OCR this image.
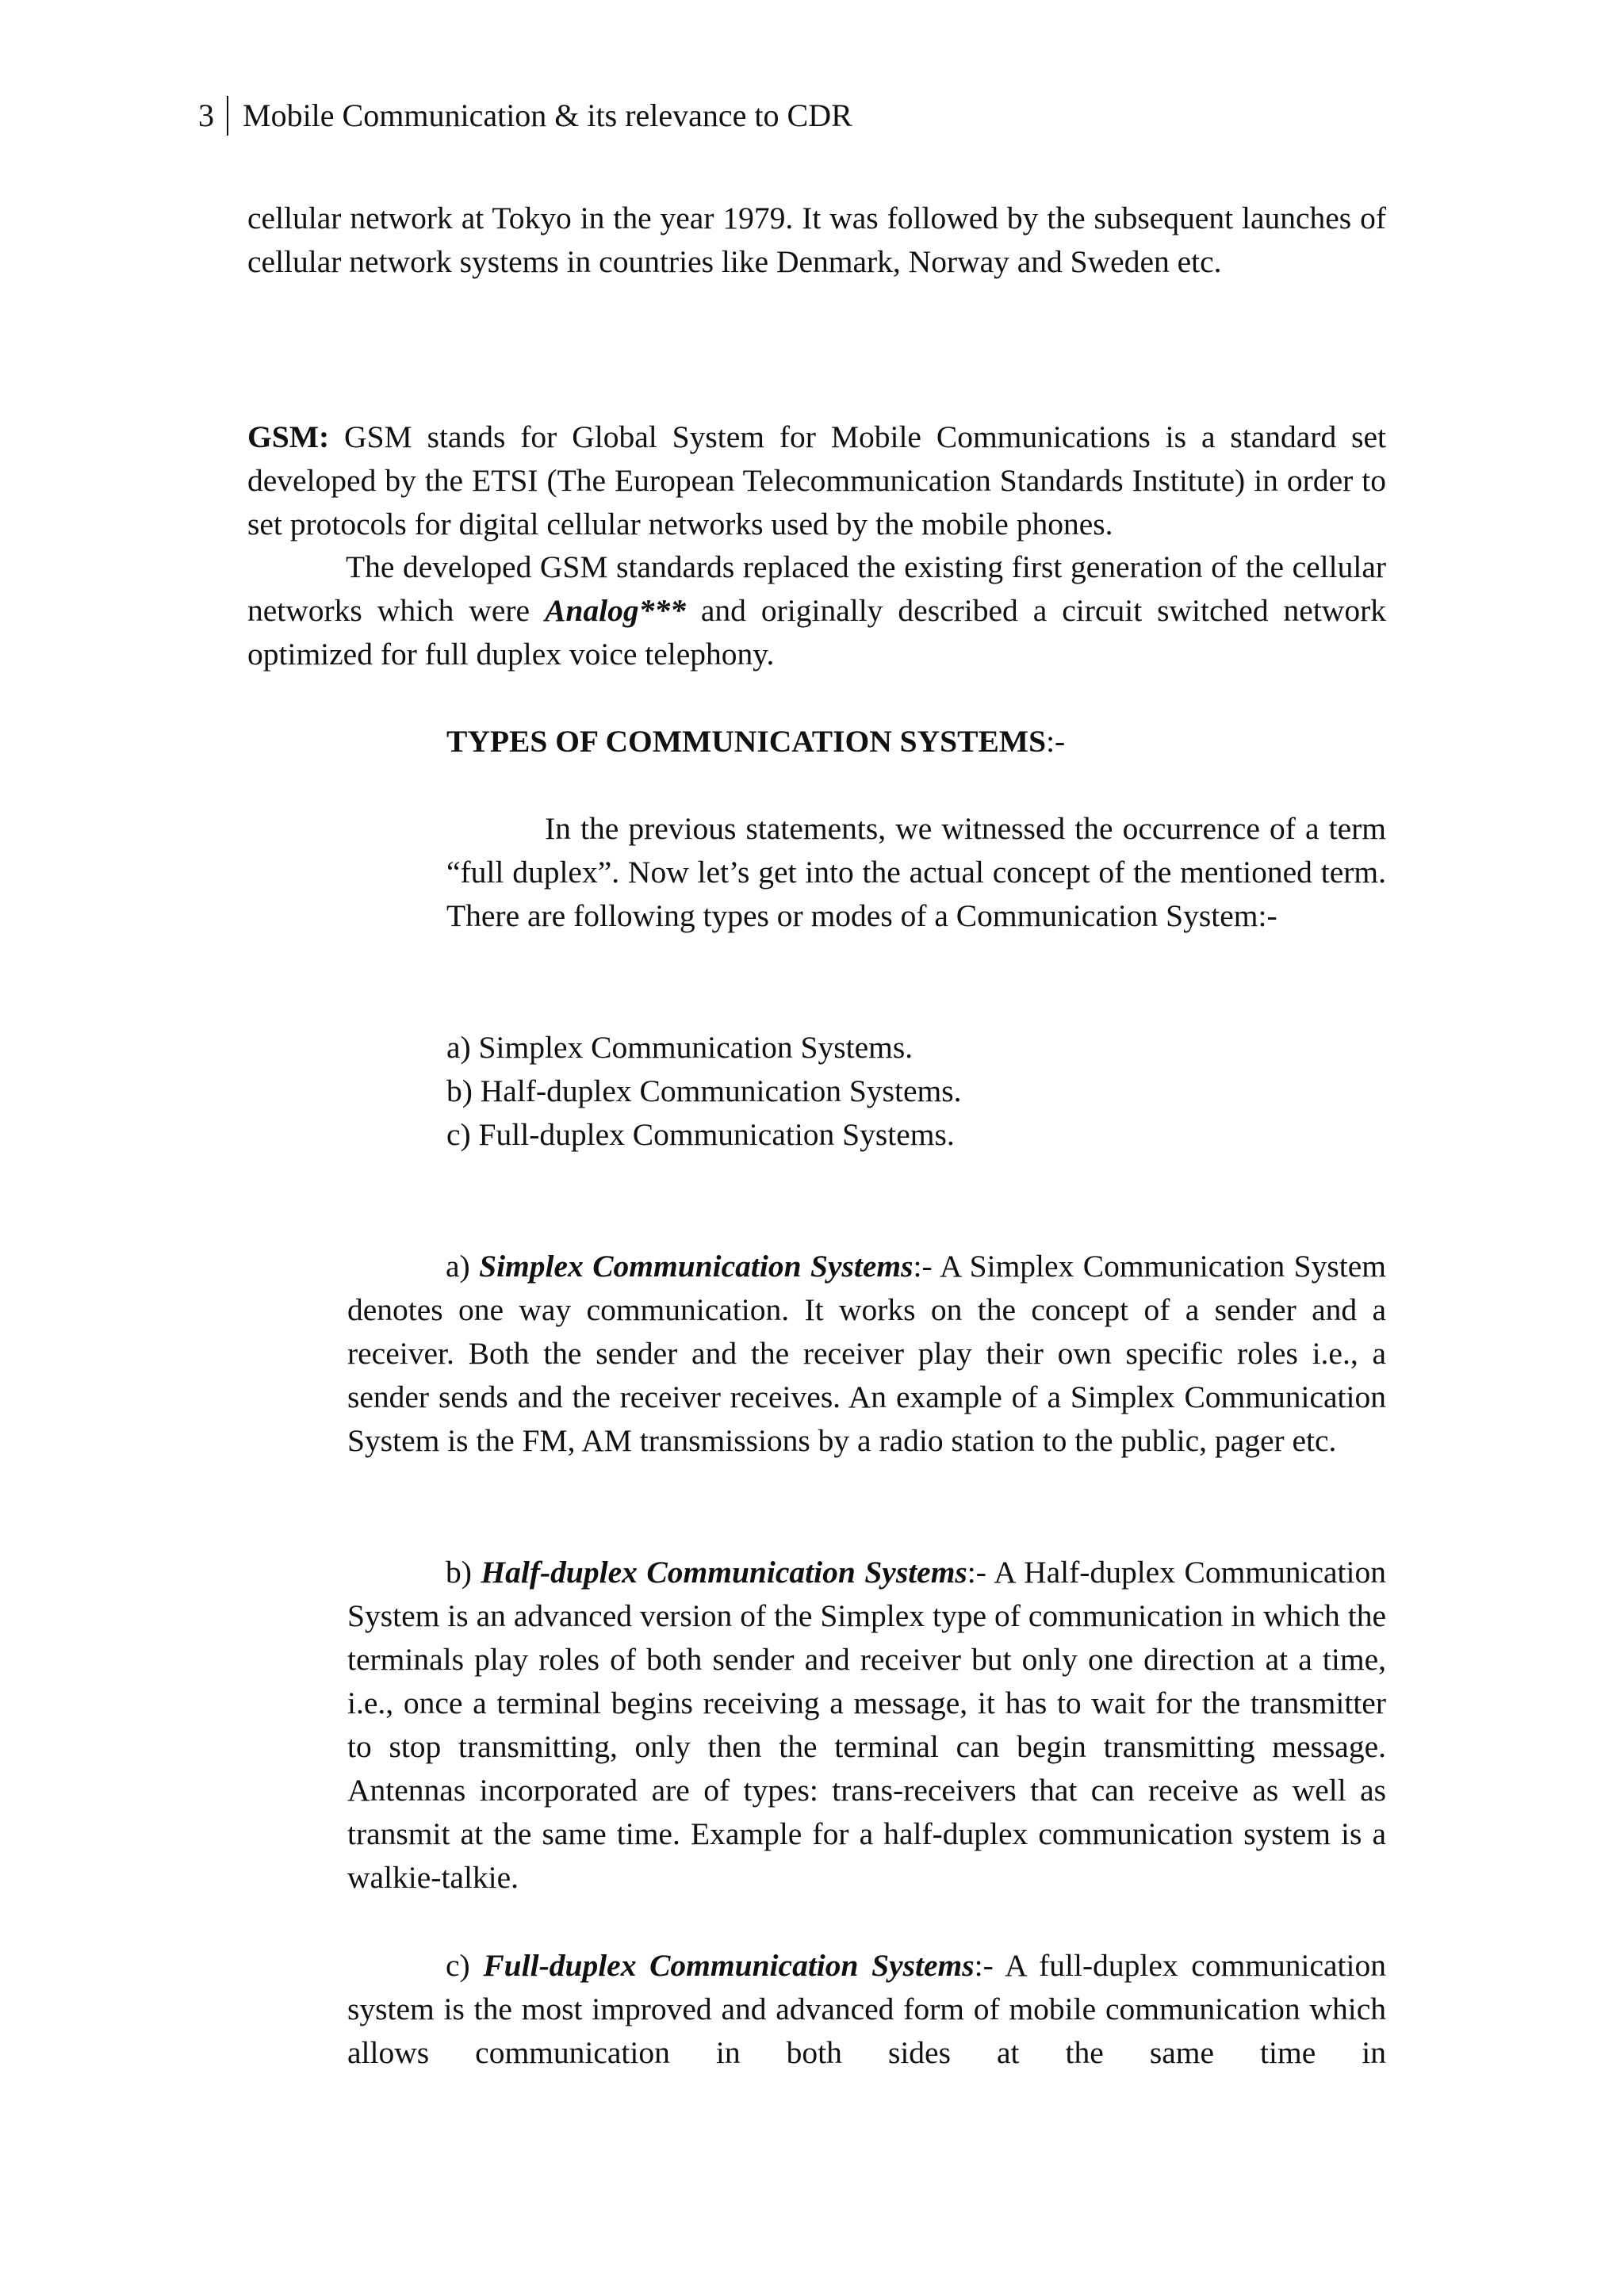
3 Mobile Communication & its relevance to CDR

cellular network at Tokyo in the year 1979. It was followed by the subsequent launches of cellular network systems in countries like Denmark, Norway and Sweden etc.

GSM: GSM stands for Global System for Mobile Communications is a standard set developed by the ETSI (The European Telecommunication Standards Institute) in order to set protocols for digital cellular networks used by the mobile phones.

The developed GSM standards replaced the existing first generation of the cellular networks which were Analog*** and originally described a circuit switched network optimized for full duplex voice telephony.

TYPES OF COMMUNICATION SYSTEMS:-

In the previous statements, we witnessed the occurrence of a term “full duplex”. Now let’s get into the actual concept of the mentioned term. There are following types or modes of a Communication System:-

a) Simplex Communication Systems.
b) Half-duplex Communication Systems.
c) Full-duplex Communication Systems.

a) Simplex Communication Systems:- A Simplex Communication System denotes one way communication. It works on the concept of a sender and a receiver. Both the sender and the receiver play their own specific roles i.e., a sender sends and the receiver receives. An example of a Simplex Communication System is the FM, AM transmissions by a radio station to the public, pager etc.

b) Half-duplex Communication Systems:- A Half-duplex Communication System is an advanced version of the Simplex type of communication in which the terminals play roles of both sender and receiver but only one direction at a time, i.e., once a terminal begins receiving a message, it has to wait for the transmitter to stop transmitting, only then the terminal can begin transmitting message. Antennas incorporated are of types: trans-receivers that can receive as well as transmit at the same time. Example for a half-duplex communication system is a walkie-talkie.

c) Full-duplex Communication Systems:- A full-duplex communication system is the most improved and advanced form of mobile communication which allows communication in both sides at the same time in
